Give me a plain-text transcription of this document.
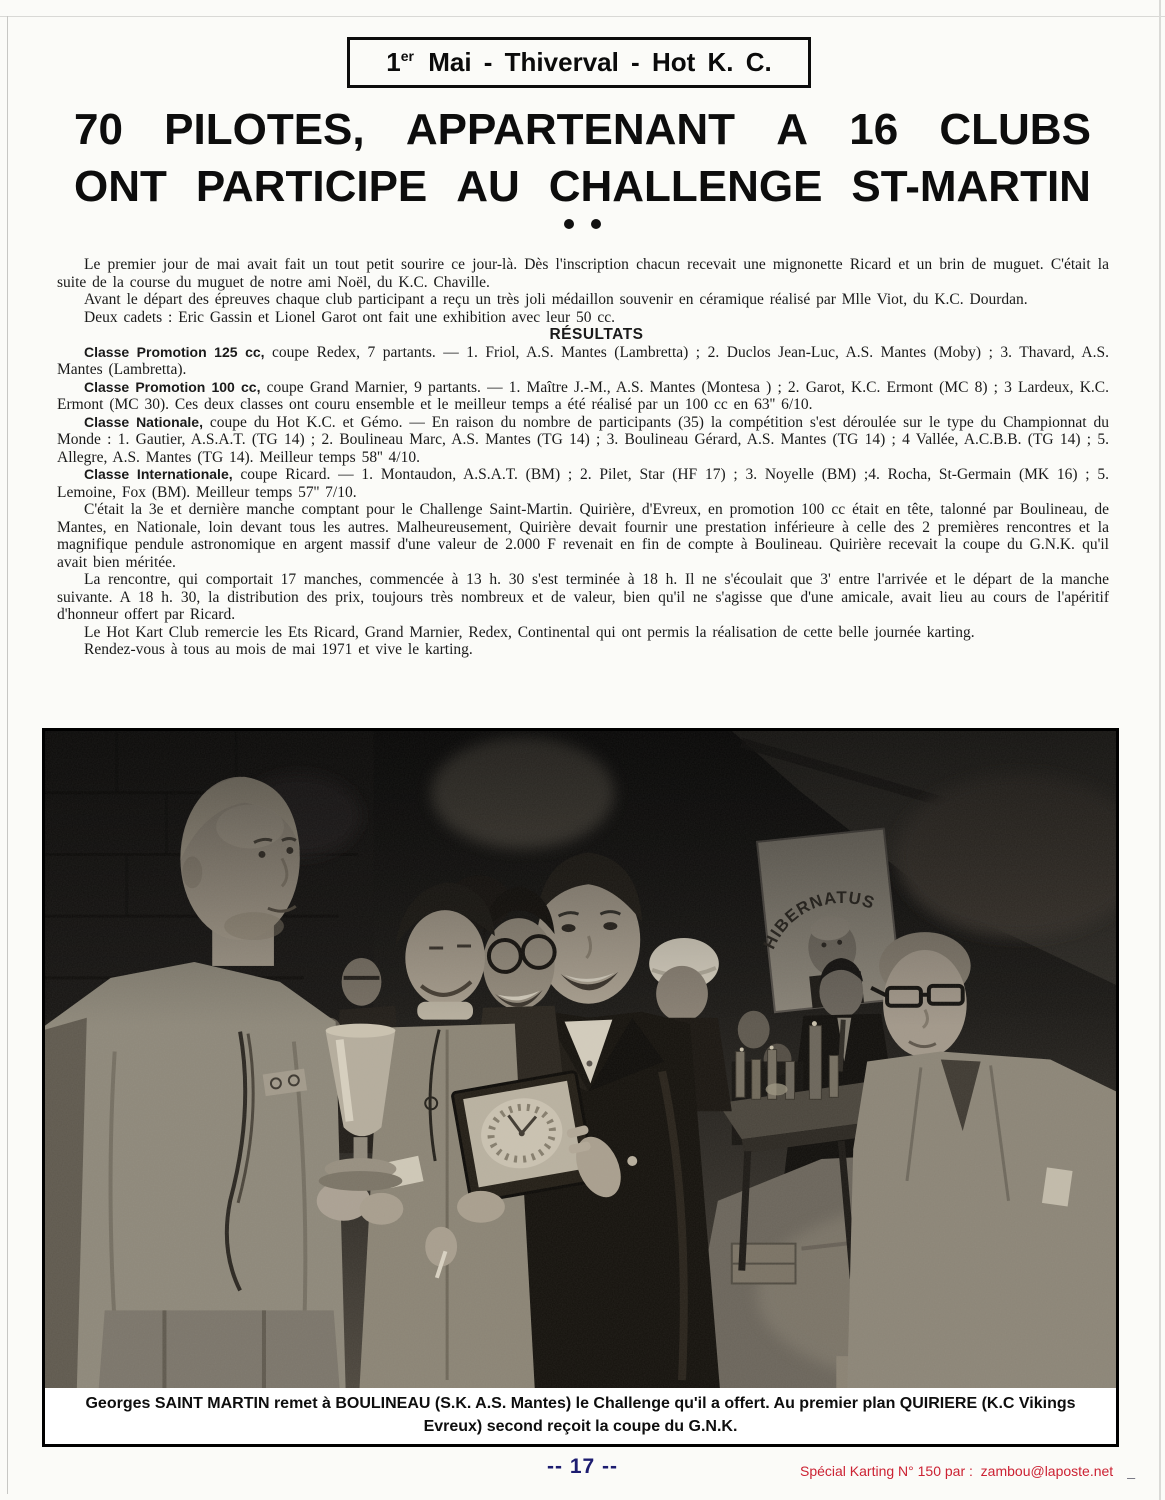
1er Mai - Thiverval - Hot K. C.
70 PILOTES, APPARTENANT A 16 CLUBS
ONT PARTICIPE AU CHALLENGE ST-MARTIN

Le premier jour de mai avait fait un tout petit sourire ce jour-là. Dès l'inscription chacun recevait une mignonette Ricard et un brin de muguet. C'était la suite de la course du muguet de notre ami Noël, du K.C. Chaville.

Avant le départ des épreuves chaque club participant a reçu un très joli médaillon souvenir en céramique réalisé par Mlle Viot, du K.C. Dourdan.

Deux cadets : Eric Gassin et Lionel Garot ont fait une exhibition avec leur 50 cc.

RÉSULTATS

Classe Promotion 125 cc, coupe Redex, 7 partants. — 1. Friol, A.S. Mantes (Lambretta) ; 2. Duclos Jean-Luc, A.S. Mantes (Moby) ; 3. Thavard, A.S. Mantes (Lambretta).

Classe Promotion 100 cc, coupe Grand Marnier, 9 partants. — 1. Maître J.-M., A.S. Mantes (Montesa ) ; 2. Garot, K.C. Ermont (MC 8) ; 3 Lardeux, K.C. Ermont (MC 30). Ces deux classes ont couru ensemble et le meilleur temps a été réalisé par un 100 cc en 63'' 6/10.

Classe Nationale, coupe du Hot K.C. et Gémo. — En raison du nombre de participants (35) la compétition s'est déroulée sur le type du Championnat du Monde : 1. Gautier, A.S.A.T. (TG 14) ; 2. Boulineau Marc, A.S. Mantes (TG 14) ; 3. Boulineau Gérard, A.S. Mantes (TG 14) ; 4 Vallée, A.C.B.B. (TG 14) ; 5. Allegre, A.S. Mantes (TG 14). Meilleur temps 58'' 4/10.

Classe Internationale, coupe Ricard. — 1. Montaudon, A.S.A.T. (BM) ; 2. Pilet, Star (HF 17) ; 3. Noyelle (BM) ;4. Rocha, St-Germain (MK 16) ; 5. Lemoine, Fox (BM). Meilleur temps 57'' 7/10.

C'était la 3e et dernière manche comptant pour le Challenge Saint-Martin. Quirière, d'Evreux, en promotion 100 cc était en tête, talonné par Boulineau, de Mantes, en Nationale, loin devant tous les autres. Malheureusement, Quirière devait fournir une prestation inférieure à celle des 2 premières rencontres et la magnifique pendule astronomique en argent massif d'une valeur de 2.000 F revenait en fin de compte à Boulineau. Quirière recevait la coupe du G.N.K. qu'il avait bien méritée.

La rencontre, qui comportait 17 manches, commencée à 13 h. 30 s'est terminée à 18 h. Il ne s'écoulait que 3' entre l'arrivée et le départ de la manche suivante. A 18 h. 30, la distribution des prix, toujours très nombreux et de valeur, bien qu'il ne s'agisse que d'une amicale, avait lieu au cours de l'apéritif d'honneur offert par Ricard.

Le Hot Kart Club remercie les Ets Ricard, Grand Marnier, Redex, Continental qui ont permis la réalisation de cette belle journée karting.

Rendez-vous à tous au mois de mai 1971 et vive le karting.

Georges SAINT MARTIN remet à BOULINEAU (S.K. A.S. Mantes) le Challenge qu'il a offert. Au premier plan QUIRIERE (K.C Vikings Evreux) second reçoit la coupe du G.N.K.
-- 17 --	Spécial Karting N° 150 par :  zambou@laposte.net _
